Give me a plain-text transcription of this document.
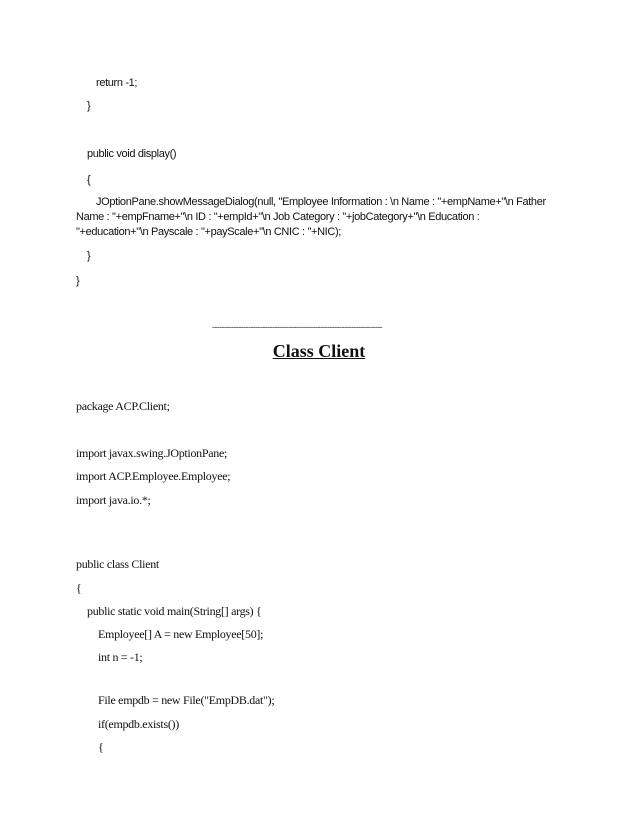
return -1;
}
public void display()
{
JOptionPane.showMessageDialog(null, "Employee Information : \n Name : "+empName+"\n Father
Name : "+empFname+"\n ID : "+empId+"\n Job Category : "+jobCategory+"\n Education :
"+education+"\n Payscale : "+payScale+"\n CNIC : "+NIC);
}
}
-----------------------------------------------------------------------
Class Client
package ACP.Client;
import javax.swing.JOptionPane;
import ACP.Employee.Employee;
import java.io.*;
public class Client
{
public static void main(String[] args) {
Employee[] A = new Employee[50];
int n = -1;
File empdb = new File("EmpDB.dat");
if(empdb.exists())
{
